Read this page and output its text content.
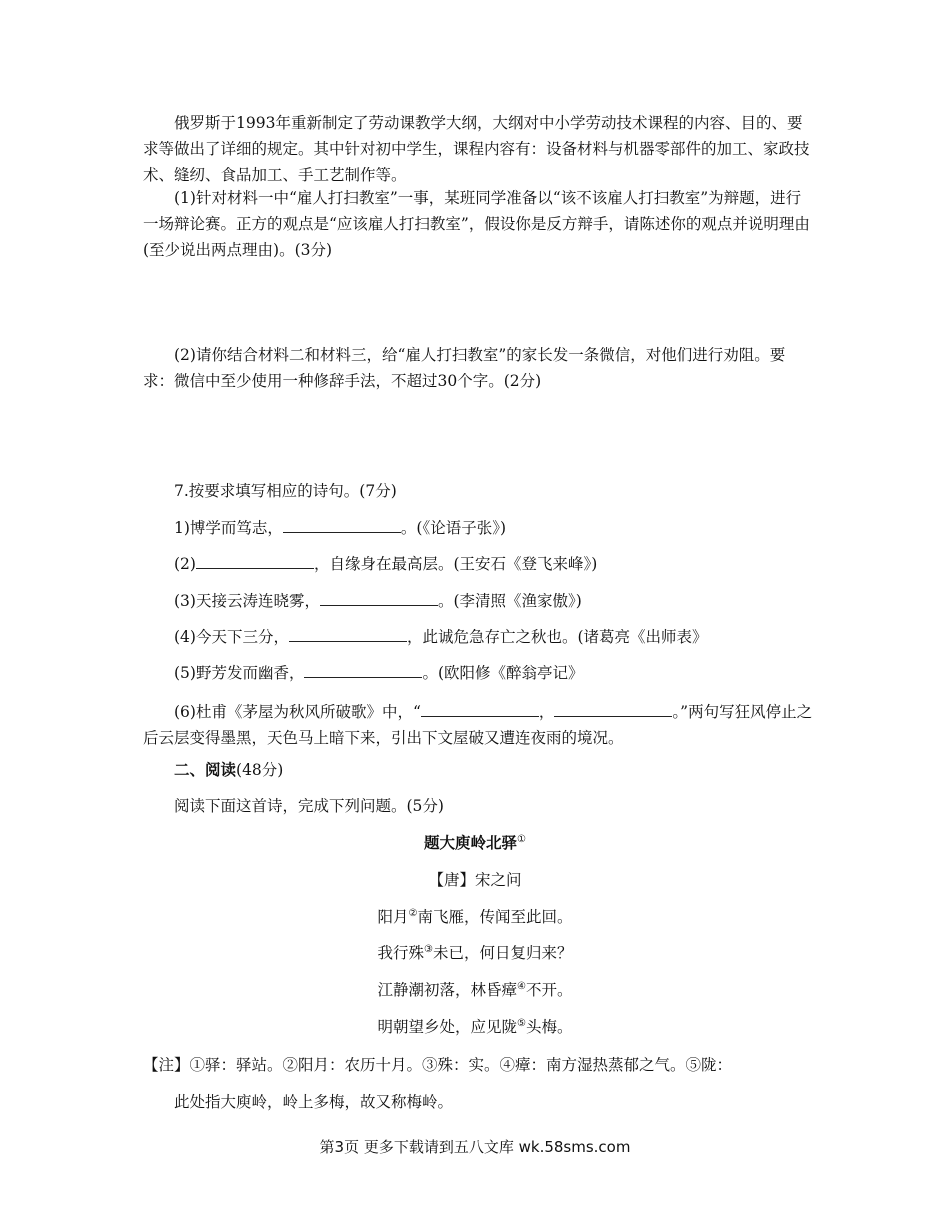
俄罗斯于1993年重新制定了劳动课教学大纲，大纲对中小学劳动技术课程的内容、目的、要求等做出了详细的规定。其中针对初中学生，课程内容有：设备材料与机器零部件的加工、家政技术、缝纫、食品加工、手工艺制作等。

(1)针对材料一中“雇人打扫教室”一事，某班同学准备以“该不该雇人打扫教室”为辩题，进行一场辩论赛。正方的观点是“应该雇人打扫教室”，假设你是反方辩手，请陈述你的观点并说明理由(至少说出两点理由)。(3分)

(2)请你结合材料二和材料三，给“雇人打扫教室”的家长发一条微信，对他们进行劝阻。要求：微信中至少使用一种修辞手法，不超过30个字。(2分)

7.按要求填写相应的诗句。(7分)

1)博学而笃志，	。(《论语子张》)

(2)	，自缘身在最高层。(王安石《登飞来峰》)

(3)天接云涛连晓雾，	。(李清照《渔家傲》)

(4)今天下三分，	，此诚危急存亡之秋也。(诸葛亮《出师表》

(5)野芳发而幽香，	。(欧阳修《醉翁亭记》

(6)杜甫《茅屋为秋风所破歌》中，“	，	。”两句写狂风停止之后云层变得墨黑，天色马上暗下来，引出下文屋破又遭连夜雨的境况。

二、阅读(48分)

阅读下面这首诗，完成下列问题。(5分)

题大庾岭北驿①

【唐】宋之问

阳月②南飞雁，传闻至此回。

我行殊③未已，何日复归来？

江静潮初落，林昏瘴④不开。

明朝望乡处，应见陇⑤头梅。

【注】①驿：驿站。②阳月：农历十月。③殊：实。④瘴：南方湿热蒸郁之气。⑤陇：

此处指大庾岭，岭上多梅，故又称梅岭。

第3页 更多下载请到五八文库 wk.58sms.com
